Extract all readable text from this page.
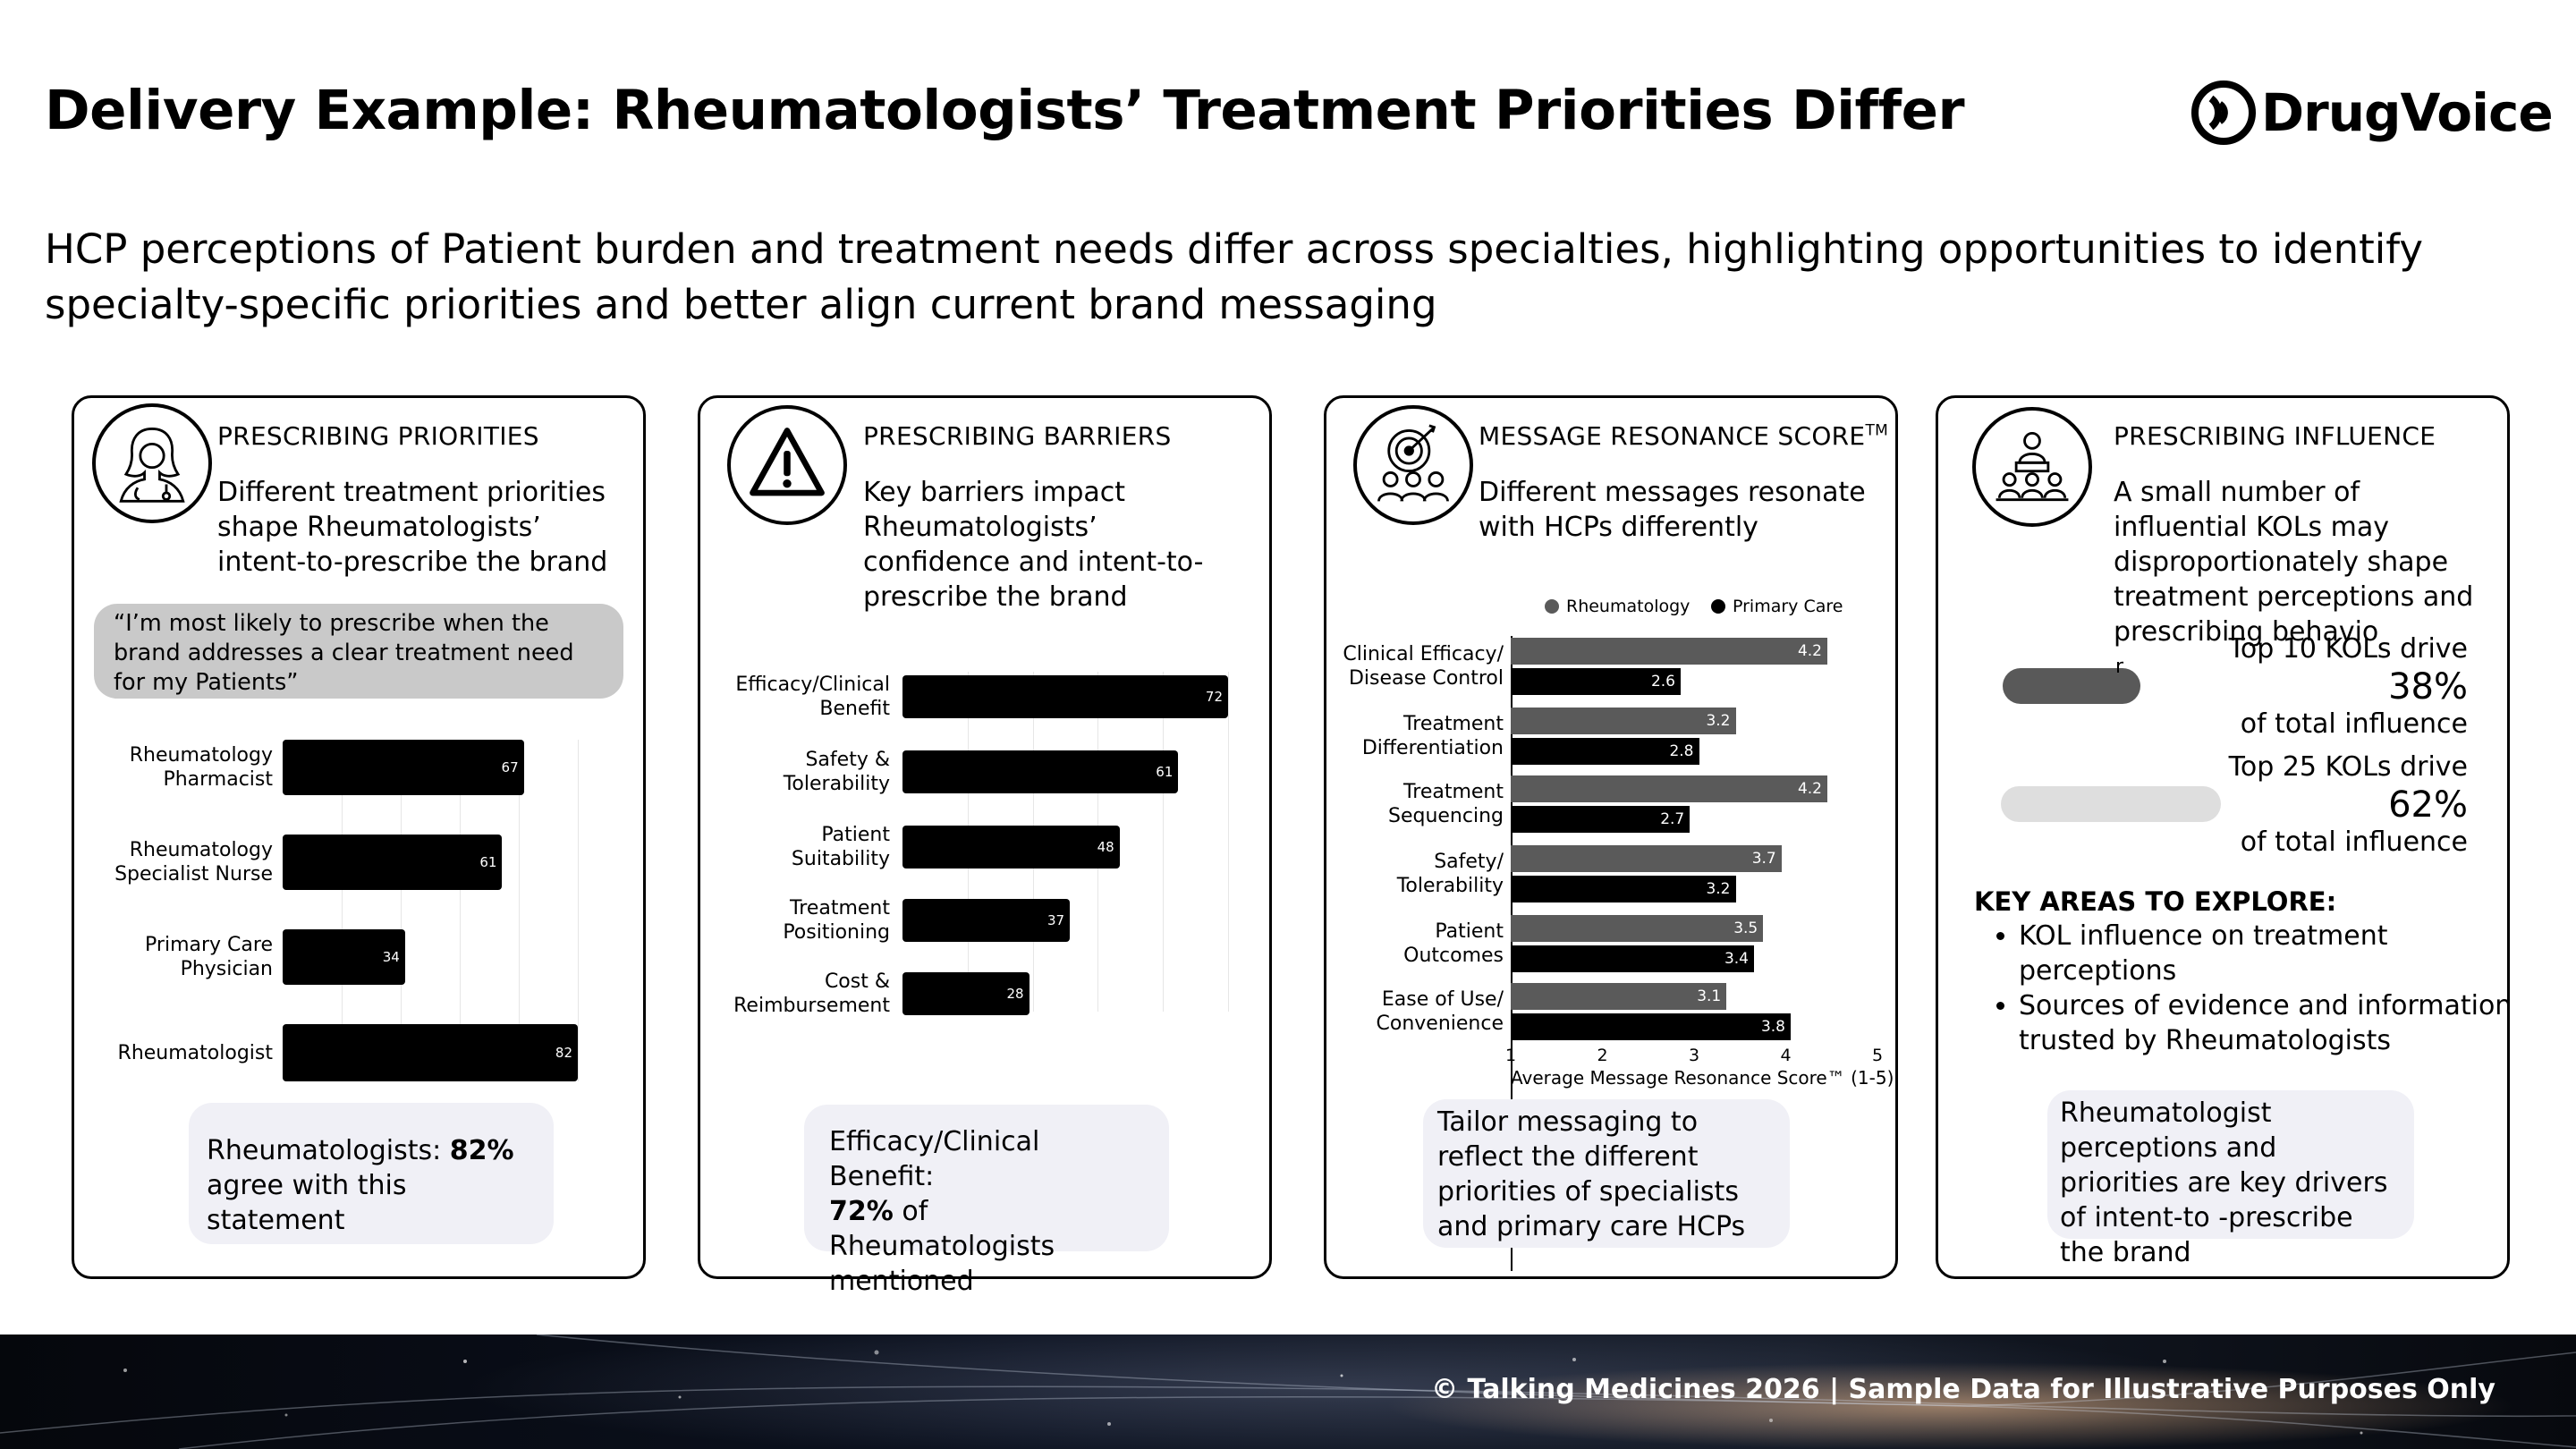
Delivery Example: Rheumatologists’ Treatment Priorities Differ	DrugVoice
HCP perceptions of Patient burden and treatment needs differ across specialties, highlighting opportunities to identify specialty-specific priorities and better align current brand messaging
PRESCRIBING PRIORITIES
Different treatment priorities shape Rheumatologists’ intent-to-prescribe the brand
“I’m most likely to prescribe when the brand addresses a clear treatment need for my Patients”
67
Rheumatology
Pharmacist
61
Rheumatology
Specialist Nurse
34
Primary Care
Physician
82
Rheumatologist
Rheumatologists: 82%
agree with this statement
PRESCRIBING BARRIERS
Key barriers impact Rheumatologists’ confidence and intent-to-prescribe the brand
72
Efficacy/Clinical
Benefit
61
Safety &
Tolerability
48
Patient
Suitability
37
Treatment
Positioning
28
Cost &
Reimbursement
Efficacy/Clinical Benefit:
72% of Rheumatologists mentioned
MESSAGE RESONANCE SCORE™
Different messages resonate with HCPs differently
Rheumatology	Primary Care
4.2
2.6
Clinical Efficacy/
Disease Control
3.2
2.8
Treatment
Differentiation
4.2
2.7
Treatment
Sequencing
3.7
3.2
Safety/
Tolerability
3.5
3.4
Patient
Outcomes
3.1
3.8
Ease of Use/
Convenience
1	2	3	4	5
Average Message Resonance Score™ (1-5)
Tailor messaging to reflect the different priorities of specialists and primary care HCPs
PRESCRIBING INFLUENCE
A small number of influential KOLs may disproportionately shape treatment perceptions and prescribing behavio
r
Top 10 KOLs drive
38%
of total influence
Top 25 KOLs drive
62%
of total influence
KEY AREAS TO EXPLORE:
• KOL influence on treatment perceptions
• Sources of evidence and information trusted by Rheumatologists
Rheumatologist perceptions and priorities are key drivers of intent-to -prescribe the brand
© Talking Medicines 2026 | Sample Data for Illustrative Purposes Only
